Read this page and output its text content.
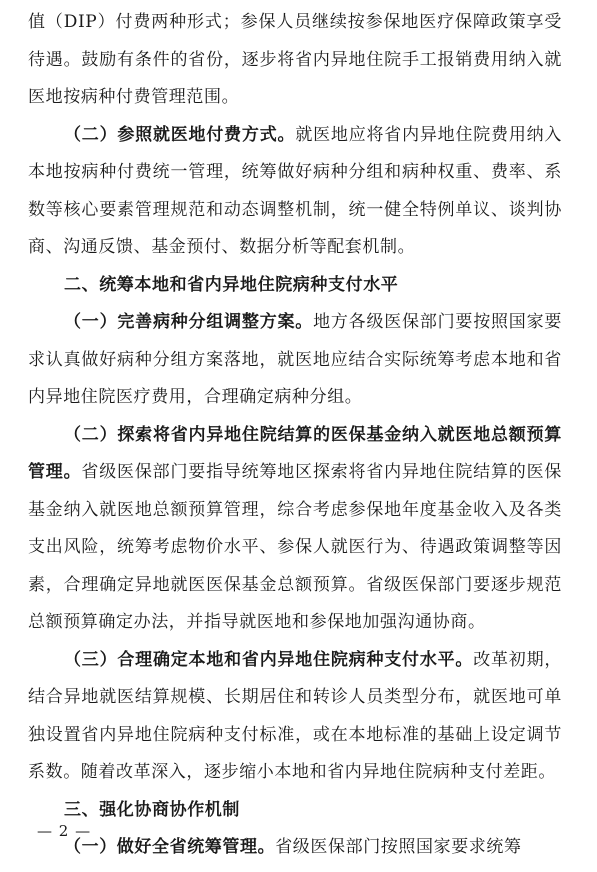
值（DIP）付费两种形式；参保人员继续按参保地医疗保障政策享受待遇。鼓励有条件的省份，逐步将省内异地住院手工报销费用纳入就医地按病种付费管理范围。

（二）参照就医地付费方式。就医地应将省内异地住院费用纳入本地按病种付费统一管理，统筹做好病种分组和病种权重、费率、系数等核心要素管理规范和动态调整机制，统一健全特例单议、谈判协商、沟通反馈、基金预付、数据分析等配套机制。

二、统筹本地和省内异地住院病种支付水平

（一）完善病种分组调整方案。地方各级医保部门要按照国家要求认真做好病种分组方案落地，就医地应结合实际统筹考虑本地和省内异地住院医疗费用，合理确定病种分组。

（二）探索将省内异地住院结算的医保基金纳入就医地总额预算管理。省级医保部门要指导统筹地区探索将省内异地住院结算的医保基金纳入就医地总额预算管理，综合考虑参保地年度基金收入及各类支出风险，统筹考虑物价水平、参保人就医行为、待遇政策调整等因素，合理确定异地就医医保基金总额预算。省级医保部门要逐步规范总额预算确定办法，并指导就医地和参保地加强沟通协商。

（三）合理确定本地和省内异地住院病种支付水平。改革初期，结合异地就医结算规模、长期居住和转诊人员类型分布，就医地可单独设置省内异地住院病种支付标准，或在本地标准的基础上设定调节系数。随着改革深入，逐步缩小本地和省内异地住院病种支付差距。

三、强化协商协作机制

（一）做好全省统筹管理。省级医保部门按照国家要求统筹

— 2 —
